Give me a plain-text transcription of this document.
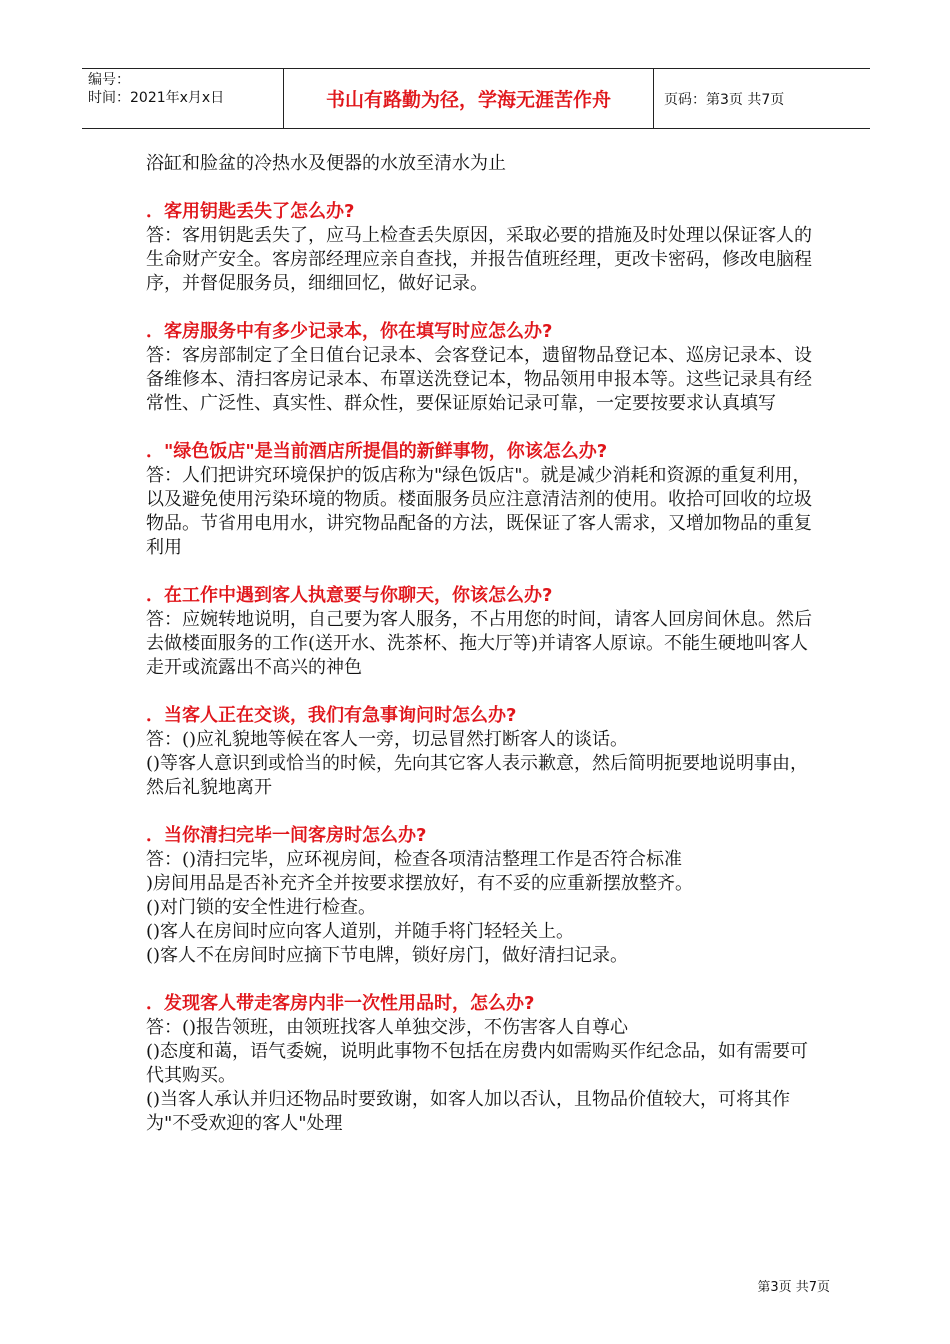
编号：
时间：2021年x月x日	书山有路勤为径，学海无涯苦作舟	页码：第3页 共7页
浴缸和脸盆的冷热水及便器的水放至清水为止
．客用钥匙丢失了怎么办?
答：客用钥匙丢失了，应马上检查丢失原因，采取必要的措施及时处理以保证客人的生命财产安全。客房部经理应亲自查找，并报告值班经理，更改卡密码，修改电脑程序，并督促服务员，细细回忆，做好记录。
．客房服务中有多少记录本，你在填写时应怎么办?
答：客房部制定了全日值台记录本、会客登记本，遗留物品登记本、巡房记录本、设备维修本、清扫客房记录本、布罩送洗登记本，物品领用申报本等。这些记录具有经常性、广泛性、真实性、群众性，要保证原始记录可靠，一定要按要求认真填写
．"绿色饭店"是当前酒店所提倡的新鲜事物，你该怎么办?
答：人们把讲究环境保护的饭店称为"绿色饭店"。就是减少消耗和资源的重复利用，以及避免使用污染环境的物质。楼面服务员应注意清洁剂的使用。收拾可回收的垃圾物品。节省用电用水，讲究物品配备的方法，既保证了客人需求，又增加物品的重复利用
．在工作中遇到客人执意要与你聊天，你该怎么办?
答：应婉转地说明，自己要为客人服务，不占用您的时间，请客人回房间休息。然后去做楼面服务的工作(送开水、洗茶杯、拖大厅等)并请客人原谅。不能生硬地叫客人走开或流露出不高兴的神色
．当客人正在交谈，我们有急事询问时怎么办?
答：()应礼貌地等候在客人一旁，切忌冒然打断客人的谈话。
()等客人意识到或恰当的时候，先向其它客人表示歉意，然后简明扼要地说明事由，然后礼貌地离开
．当你清扫完毕一间客房时怎么办?
答：()清扫完毕，应环视房间，检查各项清洁整理工作是否符合标准
)房间用品是否补充齐全并按要求摆放好，有不妥的应重新摆放整齐。
()对门锁的安全性进行检查。
()客人在房间时应向客人道别，并随手将门轻轻关上。
()客人不在房间时应摘下节电牌，锁好房门，做好清扫记录。
．发现客人带走客房内非一次性用品时，怎么办?
答：()报告领班，由领班找客人单独交涉，不伤害客人自尊心
()态度和蔼，语气委婉，说明此事物不包括在房费内如需购买作纪念品，如有需要可代其购买。
()当客人承认并归还物品时要致谢，如客人加以否认，且物品价值较大，可将其作为"不受欢迎的客人"处理
第3页 共7页
